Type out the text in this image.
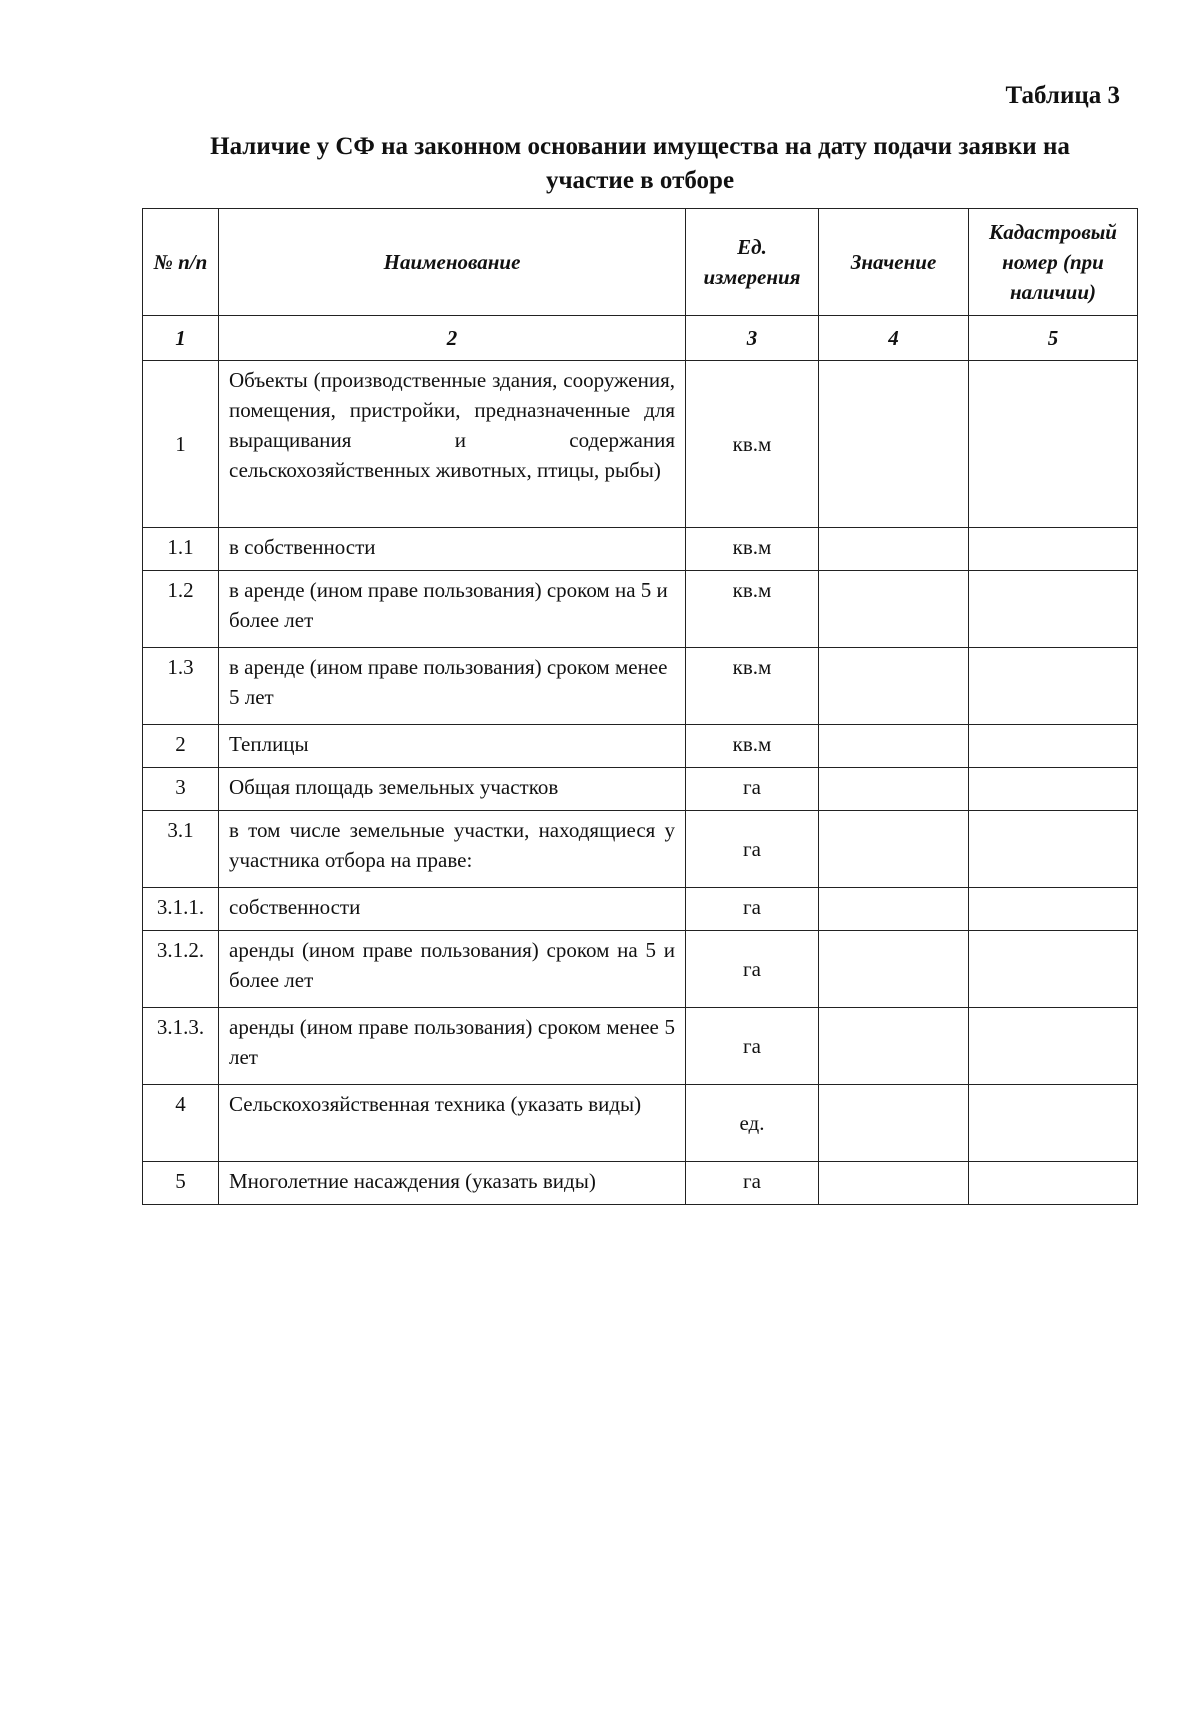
Таблица 3
Наличие у СФ на законном основании имущества на дату подачи заявки на участие в отборе
№ п/п	Наименование	Ед. измерения	Значение	Кадастровый номер (при наличии)
1	2	3	4	5
1	Объекты (производственные здания, сооружения, помещения, пристройки, предназначенные для выращивания и содержания сельскохозяйственных животных, птицы, рыбы)	кв.м		
1.1	в собственности	кв.м		
1.2	в аренде (ином праве пользования) сроком на 5 и более лет	кв.м		
1.3	в аренде (ином праве пользования) сроком менее 5 лет	кв.м		
2	Теплицы	кв.м		
3	Общая площадь земельных участков	га		
3.1	в том числе земельные участки, находящиеся у участника отбора на праве:	га		
3.1.1.	собственности	га		
3.1.2.	аренды (ином праве пользования) сроком на 5 и более лет	га		
3.1.3.	аренды (ином праве пользования) сроком менее 5 лет	га		
4	Сельскохозяйственная техника (указать виды)	ед.		
5	Многолетние насаждения (указать виды)	га		
